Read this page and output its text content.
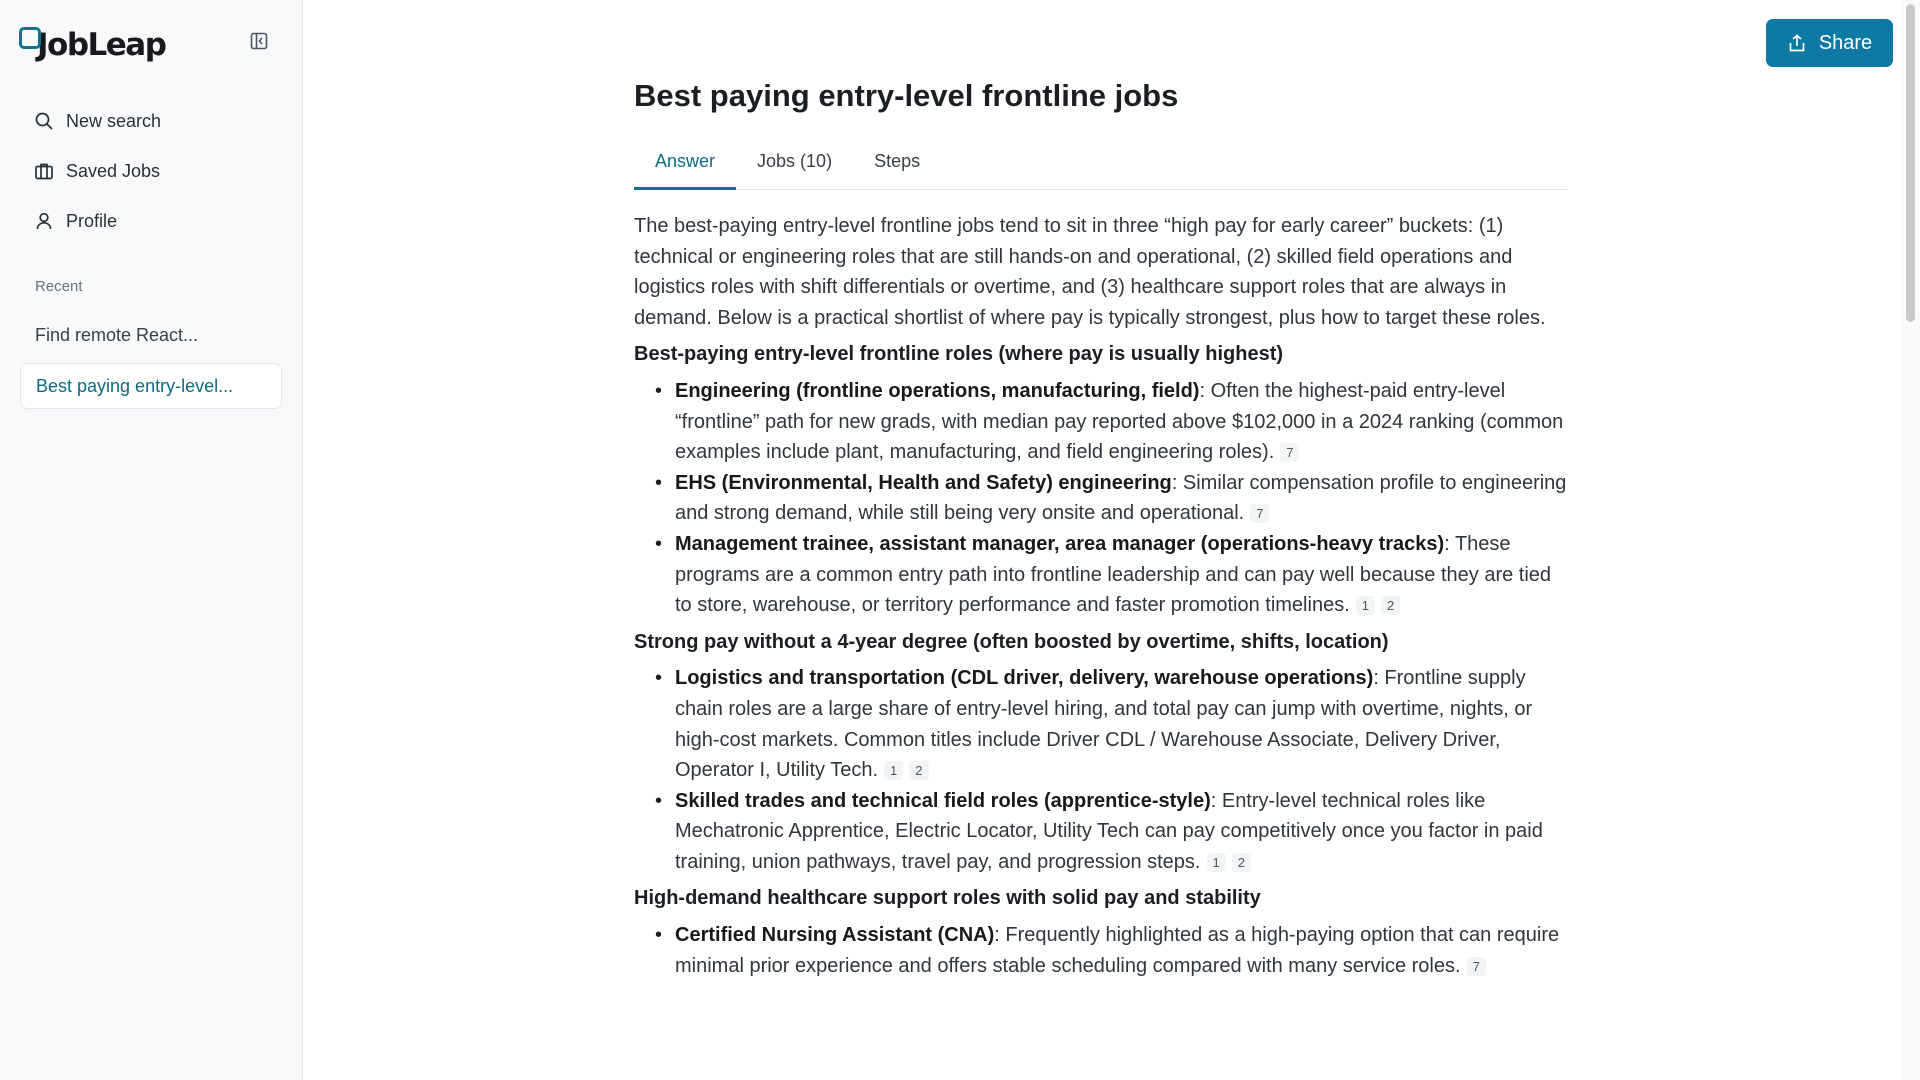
JobLeap
New search
Saved Jobs
Profile
Recent
Find remote React...
Best paying entry-level...
Share
Best paying entry-level frontline jobs
Answer	Jobs (10)	Steps

The best-paying entry-level frontline jobs tend to sit in three “high pay for early career” buckets: (1) technical or engineering roles that are still hands-on and operational, (2) skilled field operations and logistics roles with shift differentials or overtime, and (3) healthcare support roles that are always in demand. Below is a practical shortlist of where pay is typically strongest, plus how to target these roles.

Best-paying entry-level frontline roles (where pay is usually highest)
• Engineering (frontline operations, manufacturing, field): Often the highest-paid entry-level “frontline” path for new grads, with median pay reported above $102,000 in a 2024 ranking (common examples include plant, manufacturing, and field engineering roles). 7
• EHS (Environmental, Health and Safety) engineering: Similar compensation profile to engineering and strong demand, while still being very onsite and operational. 7
• Management trainee, assistant manager, area manager (operations-heavy tracks): These programs are a common entry path into frontline leadership and can pay well because they are tied to store, warehouse, or territory performance and faster promotion timelines. 1 2
Strong pay without a 4-year degree (often boosted by overtime, shifts, location)
• Logistics and transportation (CDL driver, delivery, warehouse operations): Frontline supply chain roles are a large share of entry-level hiring, and total pay can jump with overtime, nights, or high-cost markets. Common titles include Driver CDL / Warehouse Associate, Delivery Driver, Operator I, Utility Tech. 1 2
• Skilled trades and technical field roles (apprentice-style): Entry-level technical roles like Mechatronic Apprentice, Electric Locator, Utility Tech can pay competitively once you factor in paid training, union pathways, travel pay, and progression steps. 1 2
High-demand healthcare support roles with solid pay and stability
• Certified Nursing Assistant (CNA): Frequently highlighted as a high-paying option that can require minimal prior experience and offers stable scheduling compared with many service roles. 7
